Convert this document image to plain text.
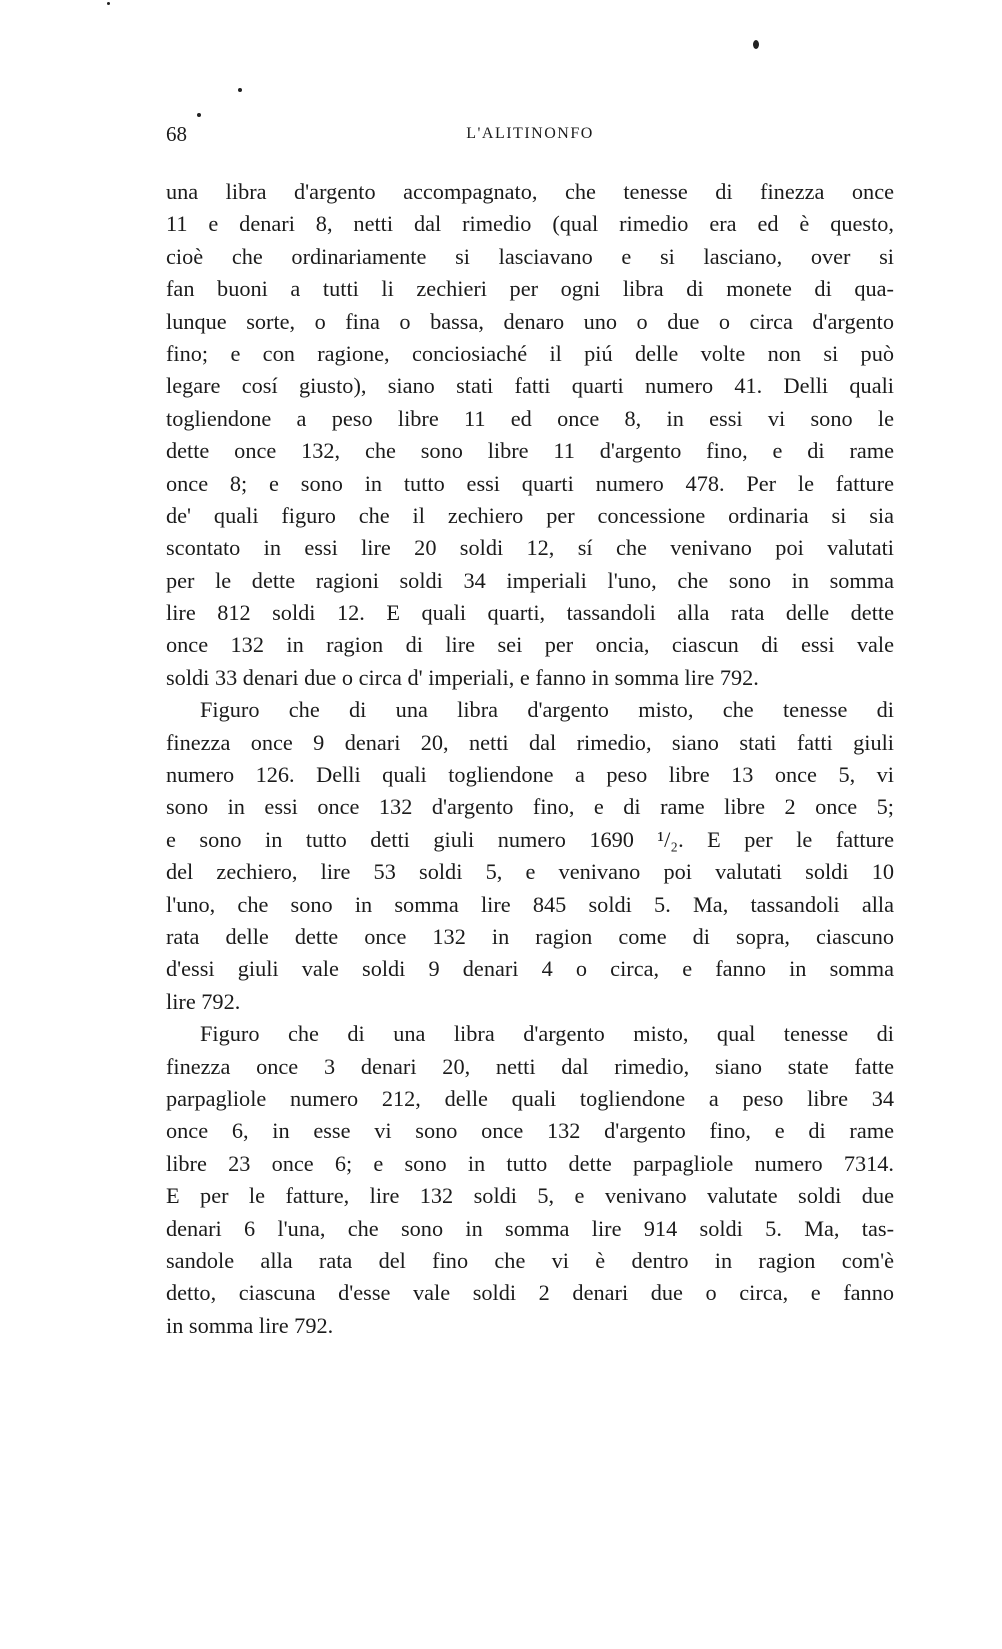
68	L'ALITINONFO

una libra d'argento accompagnato, che tenesse di finezza once
11 e denari 8, netti dal rimedio (qual rimedio era ed è questo,
cioè che ordinariamente si lasciavano e si lasciano, over si
fan buoni a tutti li zechieri per ogni libra di monete di qua-
lunque sorte, o fina o bassa, denaro uno o due o circa d'argento
fino; e con ragione, conciosiaché il piú delle volte non si può
legare cosí giusto), siano stati fatti quarti numero 41. Delli quali
togliendone a peso libre 11 ed once 8, in essi vi sono le
dette once 132, che sono libre 11 d'argento fino, e di rame
once 8; e sono in tutto essi quarti numero 478. Per le fatture
de' quali figuro che il zechiero per concessione ordinaria si sia
scontato in essi lire 20 soldi 12, sí che venivano poi valutati
per le dette ragioni soldi 34 imperiali l'uno, che sono in somma
lire 812 soldi 12. E quali quarti, tassandoli alla rata delle dette
once 132 in ragion di lire sei per oncia, ciascun di essi vale
soldi 33 denari due o circa d' imperiali, e fanno in somma lire 792.

Figuro che di una libra d'argento misto, che tenesse di
finezza once 9 denari 20, netti dal rimedio, siano stati fatti giuli
numero 126. Delli quali togliendone a peso libre 13 once 5, vi
sono in essi once 132 d'argento fino, e di rame libre 2 once 5;
e sono in tutto detti giuli numero 1690 ¹/₂. E per le fatture
del zechiero, lire 53 soldi 5, e venivano poi valutati soldi 10
l'uno, che sono in somma lire 845 soldi 5. Ma, tassandoli alla
rata delle dette once 132 in ragion come di sopra, ciascuno
d'essi giuli vale soldi 9 denari 4 o circa, e fanno in somma
lire 792.

Figuro che di una libra d'argento misto, qual tenesse di
finezza once 3 denari 20, netti dal rimedio, siano state fatte
parpagliole numero 212, delle quali togliendone a peso libre 34
once 6, in esse vi sono once 132 d'argento fino, e di rame
libre 23 once 6; e sono in tutto dette parpagliole numero 7314.
E per le fatture, lire 132 soldi 5, e venivano valutate soldi due
denari 6 l'una, che sono in somma lire 914 soldi 5. Ma, tas-
sandole alla rata del fino che vi è dentro in ragion com'è
detto, ciascuna d'esse vale soldi 2 denari due o circa, e fanno
in somma lire 792.
